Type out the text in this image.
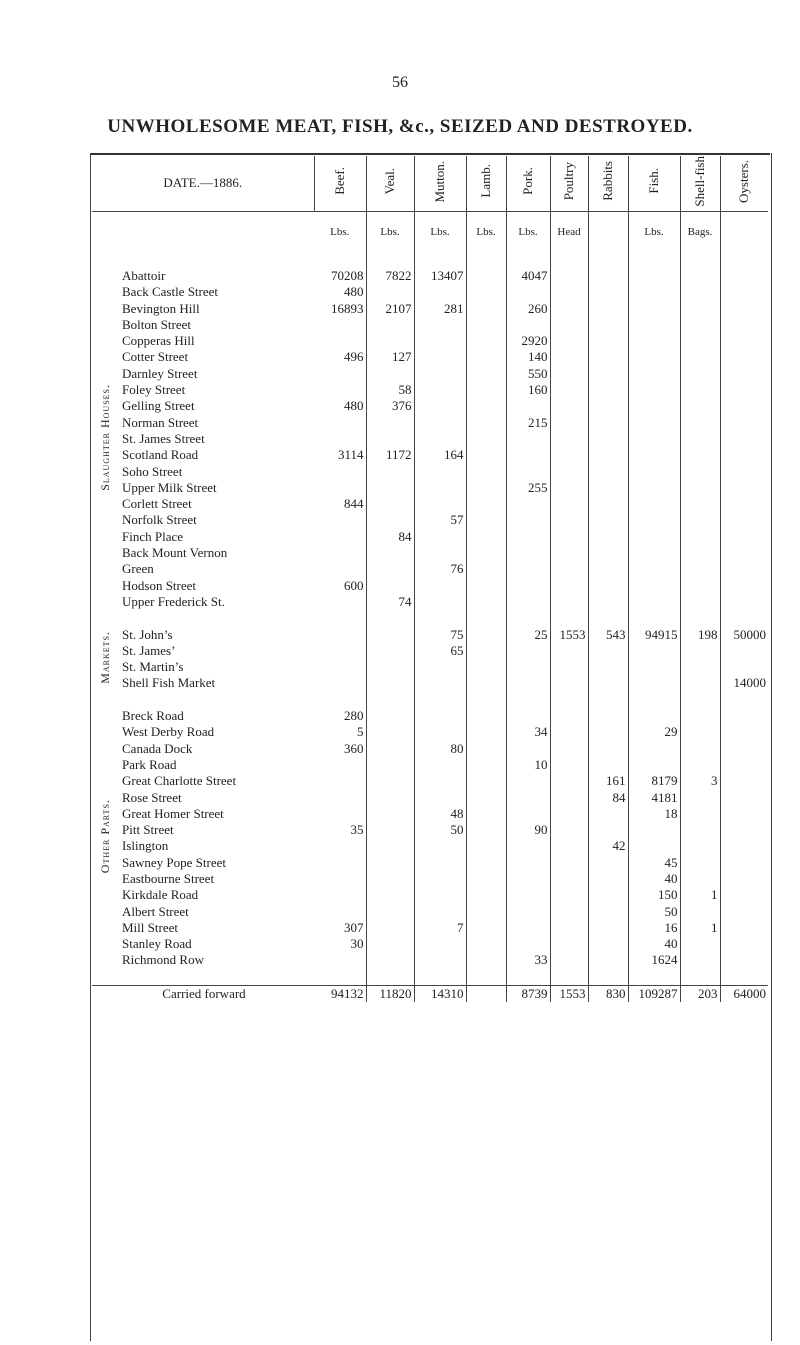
56
UNWHOLESOME MEAT, FISH, &c., SEIZED AND DESTROYED.
DATE.—1886.		Beef.	Veal.	Mutton.	Lamb.	Pork.	Poultry	Rabbits	Fish.	Shell-fish	Oysters.
		Lbs.	Lbs.	Lbs.	Lbs.	Lbs.	Head		Lbs.	Bags.	

Slaughter Houses.	Abattoir	70208	7822	13407		4047					
	Back Castle Street	480									
	Bevington Hill	16893	2107	281		260					
	Bolton Street										
	Copperas Hill					2920					
	Cotter Street	496	127			140					
	Darnley Street					550					
	Foley Street		58			160					
	Gelling Street	480	376								
	Norman Street					215					
	St. James Street										
	Scotland Road	3114	1172	164							
	Soho Street										
	Upper Milk Street					255					
	Corlett Street	844									
	Norfolk Street			57							
	Finch Place		84								
	Back Mount Vernon										
	Green			76							
	Hodson Street	600									
	Upper Frederick St.		74								

Markets.	St. John’s			75		25	1553	543	94915	198	50000
	St. James’			65							
	St. Martin’s										
	Shell Fish Market										14000

Other Parts.	Breck Road	280									
	West Derby Road	5				34			29		
	Canada Dock	360		80							
	Park Road					10					
	Great Charlotte Street							161	8179	3	
	Rose Street							84	4181		
	Great Homer Street			48					18		
	Pitt Street	35		50		90					
	Islington							42			
	Sawney Pope Street								45		
	Eastbourne Street								40		
	Kirkdale Road								150	1	
	Albert Street								50		
	Mill Street	307		7					16	1	
	Stanley Road	30							40		
	Richmond Row					33			1624		

Carried forward		94132	11820	14310		8739	1553	830	109287	203	64000
